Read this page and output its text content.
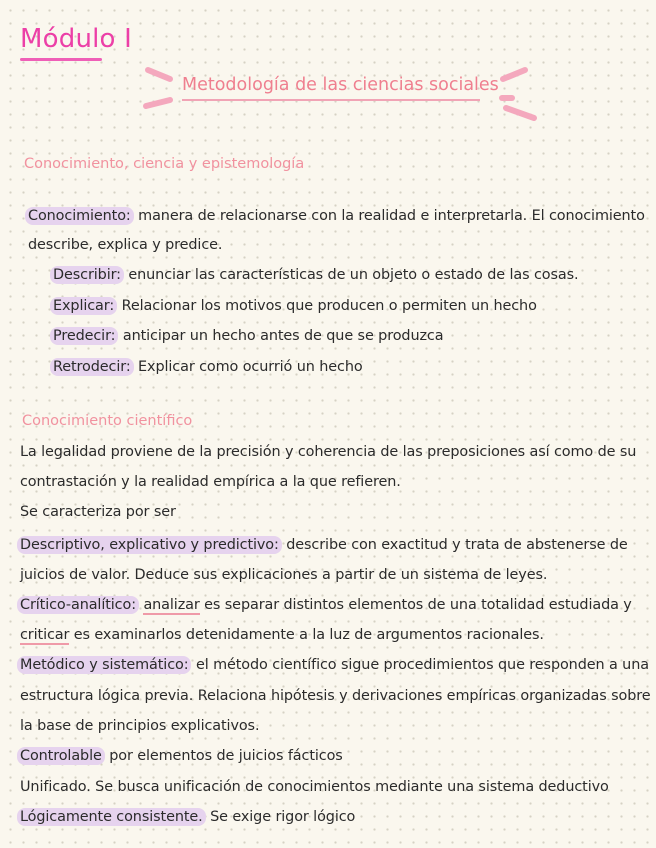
Módulo I
Metodología de las ciencias sociales
Conocimiento, ciencia y epistemología
Conocimiento: manera de relacionarse con la realidad e interpretarla. El conocimiento
describe, explica y predice.
Describir: enunciar las características de un objeto o estado de las cosas.
Explicar: Relacionar los motivos que producen o permiten un hecho
Predecir: anticipar un hecho antes de que se produzca
Retrodecir: Explicar como ocurrió un hecho
Conocimiento científico
La legalidad proviene de la precisión y coherencia de las preposiciones así como de su
contrastación y la realidad empírica a la que refieren.
Se caracteriza por ser
Descriptivo, explicativo y predictivo: describe con exactitud y trata de abstenerse de
juicios de valor. Deduce sus explicaciones a partir de un sistema de leyes.
Crítico-analítico: analizar es separar distintos elementos de una totalidad estudiada y
criticar es examinarlos detenidamente a la luz de argumentos racionales.
Metódico y sistemático: el método científico sigue procedimientos que responden a una
estructura lógica previa. Relaciona hipótesis y derivaciones empíricas organizadas sobre
la base de principios explicativos.
Controlable por elementos de juicios fácticos
Unificado. Se busca unificación de conocimientos mediante una sistema deductivo
Lógicamente consistente. Se exige rigor lógico
